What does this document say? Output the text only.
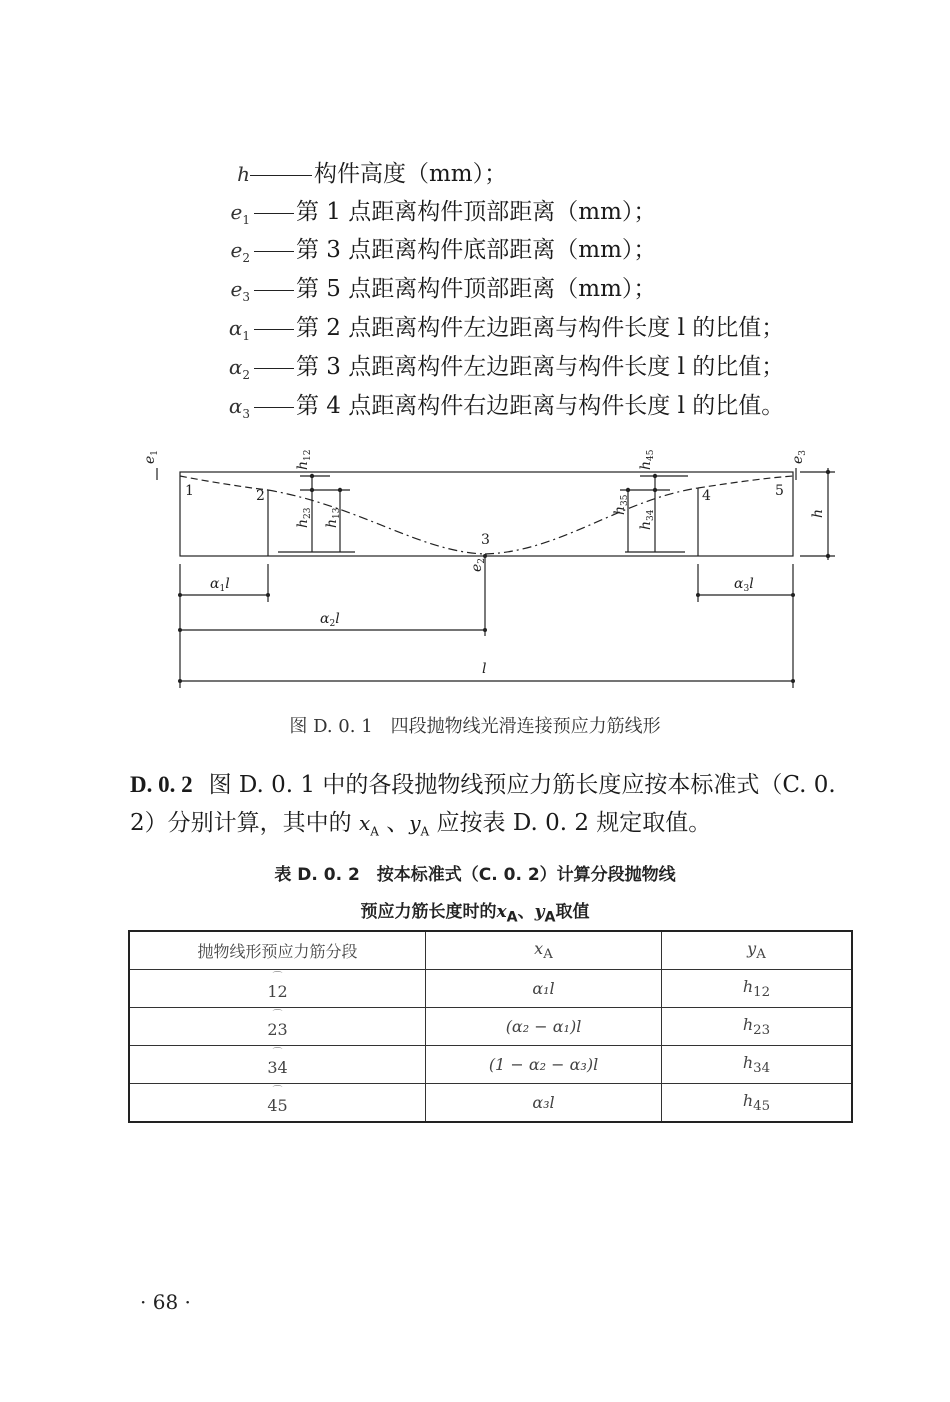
h	构件高度（mm）；
$e_1$ 第 1 点距离构件顶部距离（mm）；
$e_2$ 第 3 点距离构件底部距离（mm）；
$e_3$ 第 5 点距离构件顶部距离（mm）；
$\alpha_1$ 第 2 点距离构件左边距离与构件长度 l 的比值；
$\alpha_2$ 第 3 点距离构件左边距离与构件长度 l 的比值；
$\alpha_3$ 第 4 点距离构件右边距离与构件长度 l 的比值。
1	2
3
4	5
$e_1$
$e_3$
$e_2$
$h_{12}$
$h_{23}$
$h_{13}$	$h_{35}$
$h_{34}$
$h_{45}$
h
$\alpha_1l$
$\alpha_2l$
$\alpha_3l$
l
图 D. 0. 1　四段抛物线光滑连接预应力筋线形
D. 0. 2 图 D. 0. 1 中的各段抛物线预应力筋长度应按本标准式（C. 0. 2）分别计算，其中的 $x_A$ 、$y_A$ 应按表 D. 0. 2 规定取值。
表 D. 0. 2　按本标准式（C. 0. 2）计算分段抛物线
预应力筋长度时的$x_A$、$y_A$取值
抛物线形预应力筋分段	$x_A$	$y_A$
⌒ 12	α₁l	$h_{12}$
⌒ 23	(α₂ − α₁)l	$h_{23}$
⌒ 34	(1 − α₂ − α₃)l	$h_{34}$
⌒ 45	α₃l	$h_{45}$
· 68 ·
